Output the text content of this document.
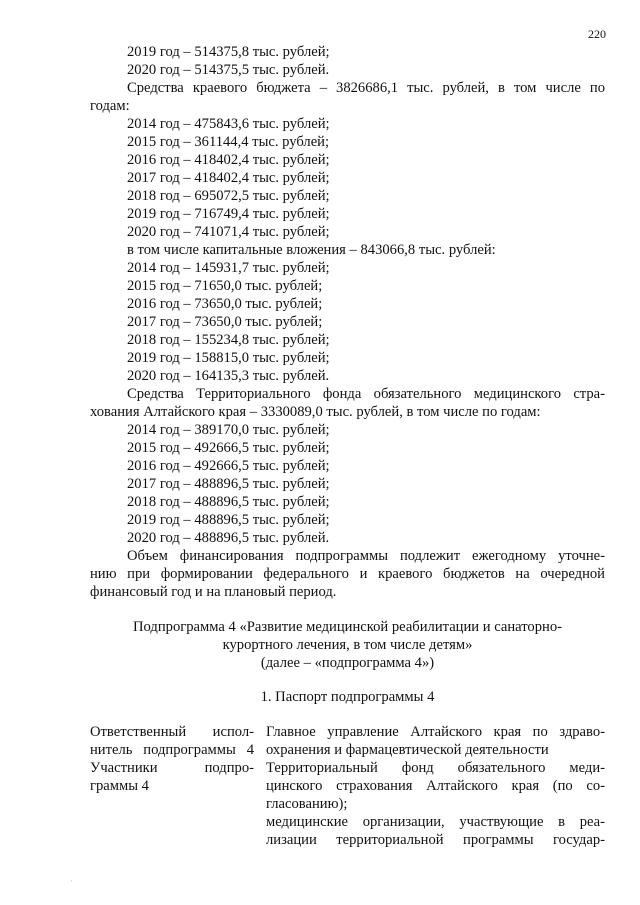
220
2019 год – 514375,8 тыс. рублей;
2020 год – 514375,5 тыс. рублей.
Средства краевого бюджета – 3826686,1 тыс. рублей, в том числе по
годам:
2014 год – 475843,6 тыс. рублей;
2015 год – 361144,4 тыс. рублей;
2016 год – 418402,4 тыс. рублей;
2017 год – 418402,4 тыс. рублей;
2018 год – 695072,5 тыс. рублей;
2019 год – 716749,4 тыс. рублей;
2020 год – 741071,4 тыс. рублей;
в том числе капитальные вложения – 843066,8 тыс. рублей:
2014 год – 145931,7 тыс. рублей;
2015 год – 71650,0 тыс. рублей;
2016 год – 73650,0 тыс. рублей;
2017 год – 73650,0 тыс. рублей;
2018 год – 155234,8 тыс. рублей;
2019 год – 158815,0 тыс. рублей;
2020 год – 164135,3 тыс. рублей.
Средства Территориального фонда обязательного медицинского стра-
хования Алтайского края – 3330089,0 тыс. рублей, в том числе по годам:
2014 год – 389170,0 тыс. рублей;
2015 год – 492666,5 тыс. рублей;
2016 год – 492666,5 тыс. рублей;
2017 год – 488896,5 тыс. рублей;
2018 год – 488896,5 тыс. рублей;
2019 год – 488896,5 тыс. рублей;
2020 год – 488896,5 тыс. рублей.
Объем финансирования подпрограммы подлежит ежегодному уточне-
нию при формировании федерального и краевого бюджетов на очередной
финансовый год и на плановый период.
Подпрограмма 4 «Развитие медицинской реабилитации и санаторно-
курортного лечения, в том числе детям»
(далее – «подпрограмма 4»)
1. Паспорт подпрограммы 4
Ответственный испол-
нитель подпрограммы 4
Участники подпро-
граммы 4
Главное управление Алтайского края по здраво-
охранения и фармацевтической деятельности
Территориальный фонд обязательного меди-
цинского страхования Алтайского края (по со-
гласованию);
медицинские организации, участвующие в реа-
лизации территориальной программы государ-
·
